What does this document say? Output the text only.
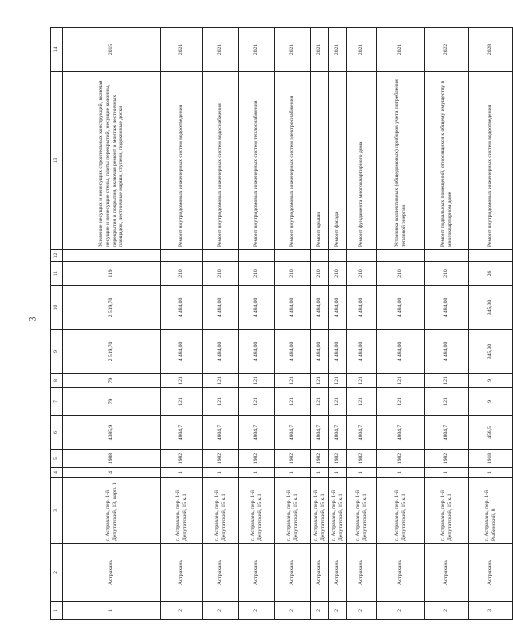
3
1	2	3	4	5	6	7	8	9	10	11	12	13	14
1	Астрахань	г. Астрахань, пер. 1-й Депутатский, 13, корп. 1	4	1988	4385,9	79	79	2 519,70	2 519,70	119		Усиление несущих и ненесущих строительных конструкций, включая несущие и ненесущие стены, плиты перекрытий, несущие колонны, перекрытия и покрытия, включая ремонт и монтаж лестничных площадок, лестничные марши, ступени, подоконные доски	2015
2	Астрахань	г. Астрахань, пер. 1-й Депутатский, 15 к.1	1	1982	4804,7	121	121	4 484,00	4 484,00	210		Ремонт внутридомовых инженерных систем водоотведения	2021
2	Астрахань	г. Астрахань, пер. 1-й Депутатский, 15 к.1	1	1982	4804,7	121	121	4 484,00	4 484,00	210		Ремонт внутридомовых инженерных систем водоснабжения	2021
2	Астрахань	г. Астрахань, пер. 1-й Депутатский, 15 к.1	1	1982	4804,7	121	121	4 484,00	4 484,00	210		Ремонт внутридомовых инженерных систем теплоснабжения	2021
2	Астрахань	г. Астрахань, пер. 1-й Депутатский, 15 к.1	1	1982	4804,7	121	121	4 484,00	4 484,00	210		Ремонт внутридомовых инженерных систем электроснабжения	2021
2	Астрахань	г. Астрахань, пер. 1-й Депутатский, 15 к.1	1	1982	4804,7	121	121	4 484,00	4 484,00	210		Ремонт крыши	2021
2	Астрахань	г. Астрахань, пер. 1-й Депутатский, 15 к.1	1	1982	4804,7	121	121	4 484,00	4 484,00	210		Ремонт фасада	2021
2	Астрахань	г. Астрахань, пер. 1-й Депутатский, 15 к.1	1	1982	4804,7	121	121	4 484,00	4 484,00	210		Ремонт фундамента многоквартирного дома	2021
2	Астрахань	г. Астрахань, пер. 1-й Депутатский, 15 к.1	1	1982	4804,7	121	121	4 484,00	4 484,00	210		Установка коллективных (общедомовых) приборов учета потребления тепловой энергии	2021
2	Астрахань	г. Астрахань, пер. 1-й Депутатский, 15 к.1	1	1982	4804,7	121	121	4 484,00	4 484,00	210		Ремонт подвальных помещений, относящихся к общему имуществу в многоквартирном доме	2022
3	Астрахань	г. Астрахань, пер. 1-й Рыбинский, 8	1	1918	456,5	9	9	345,30	345,30	26		Ремонт внутридомовых инженерных систем водоотведения	2028
